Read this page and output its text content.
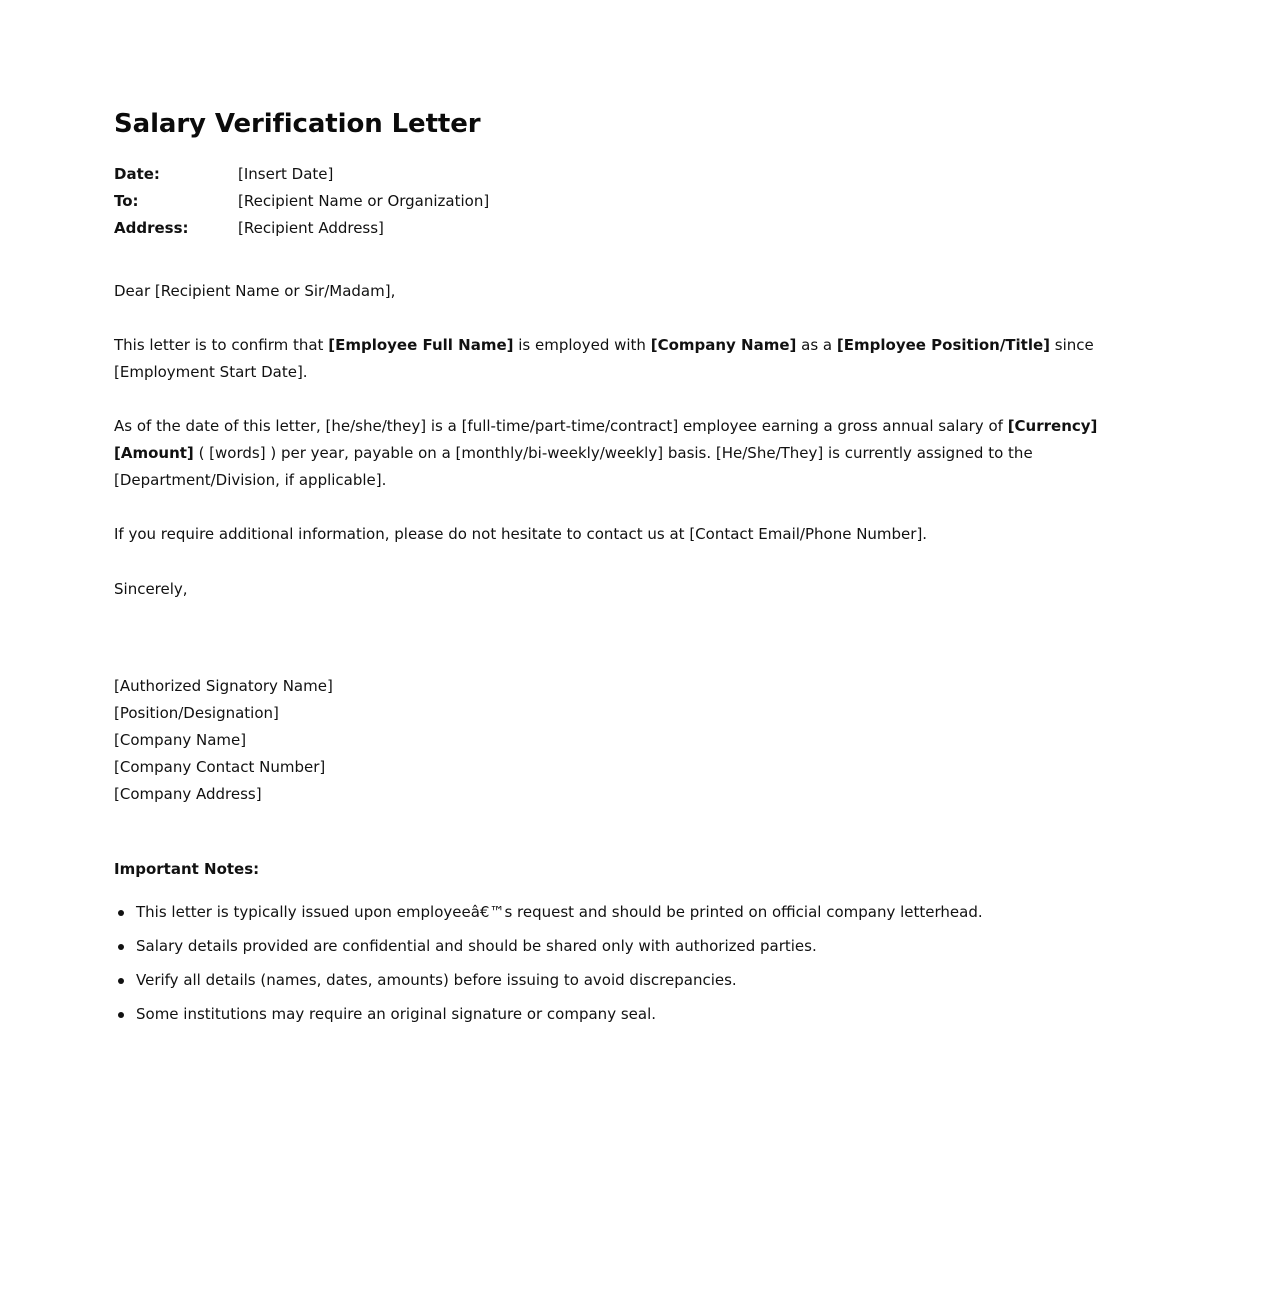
Salary Verification Letter
Date:	[Insert Date]
To:	[Recipient Name or Organization]
Address:	[Recipient Address]
Dear [Recipient Name or Sir/Madam],
This letter is to confirm that [Employee Full Name] is employed with [Company Name] as a [Employee Position/Title] since [Employment Start Date].
As of the date of this letter, [he/she/they] is a [full-time/part-time/contract] employee earning a gross annual salary of [Currency][Amount] ( [words] ) per year, payable on a [monthly/bi-weekly/weekly] basis. [He/She/They] is currently assigned to the [Department/Division, if applicable].
If you require additional information, please do not hesitate to contact us at [Contact Email/Phone Number].
Sincerely,
[Authorized Signatory Name]
[Position/Designation]
[Company Name]
[Company Contact Number]
[Company Address]
Important Notes:
This letter is typically issued upon employeeâ€™s request and should be printed on official company letterhead.
Salary details provided are confidential and should be shared only with authorized parties.
Verify all details (names, dates, amounts) before issuing to avoid discrepancies.
Some institutions may require an original signature or company seal.
